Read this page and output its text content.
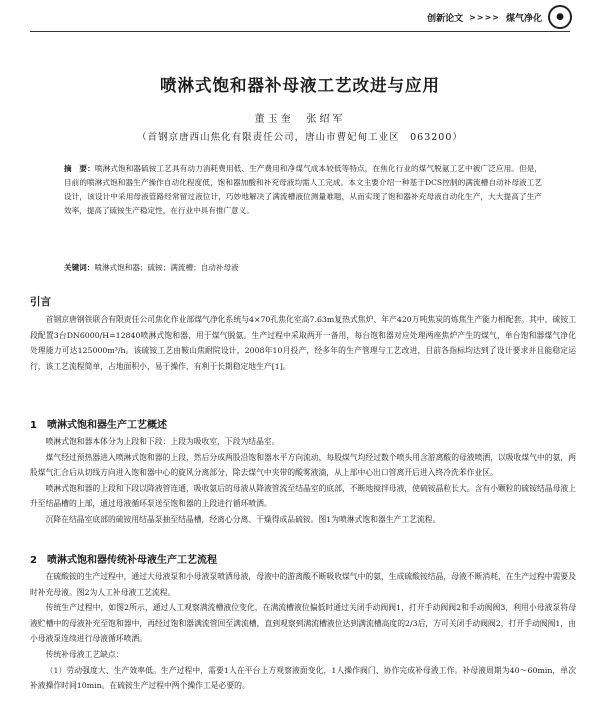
创新论文 >>>> 煤气净化 ●
喷淋式饱和器补母液工艺改进与应用
董玉奎　张绍军
（首钢京唐西山焦化有限责任公司，唐山市曹妃甸工业区　063200）
摘　要：喷淋式饱和器硫铵工艺具有动力消耗费用低、生产费用和净煤气成本较低等特点，在焦化行业的煤气脱氨工艺中被广泛应用。但是，目前的喷淋式饱和器生产操作自动化程度低，饱和器加酸和补充母液均需人工完成。本文主要介绍一种基于DCS控制的满流槽自动补母液工艺设计，该设计中采用母液管路经常留过液位计，巧妙地解决了满流槽液位测量难题，从而实现了饱和器补充母液自动化生产，大大提高了生产效率，提高了硫铵生产稳定性，在行业中具有推广意义。
关键词：喷淋式饱和器；硫铵；满流槽；自动补母液
引言

首钢京唐钢铁联合有限责任公司焦化作业部煤气净化系统与4×70孔焦化室高7.63m复热式焦炉、年产420万吨焦炭的炼焦生产能力相配套。其中，硫铵工段配置3台DN6000/H=12840喷淋式饱和器，用于煤气脱氨。生产过程中采取两开一备用，每台饱和器对应处理两座焦炉产生的煤气，单台饱和器煤气净化处理能力可达125000m³/h。该硫铵工艺由鞍山焦耐院设计，2008年10月投产，经多年的生产管理与工艺改进，目前各指标均达到了设计要求并且能稳定运行，该工艺流程简单，占地面积小，易于操作，有利于长期稳定地生产[1]。

1　喷淋式饱和器生产工艺概述

喷淋式饱和器本体分为上段和下段：上段为吸收室，下段为结晶室。

煤气经过预热器进入喷淋式饱和器的上段，然后分成两股沿饱和器水平方向流动，每股煤气均经过数个喷头用含游离酸的母液喷洒，以吸收煤气中的氨，两股煤气汇合后从切线方向进入饱和器中心的旋风分离部分，除去煤气中夹带的酸雾液滴，从上部中心出口管离开后进入终冷洗苯作业区。

喷淋式饱和器的上段和下段以降液管连通，吸收氨后的母液从降液管流至结晶室的底部，不断地搅拌母液，使硫铵晶粒长大。含有小颗粒的硫铵结晶母液上升至结晶槽的上部，通过母液循环泵送至饱和器的上段进行循环喷洒。

沉降在结晶室底部的硫铵用结晶泵抽至结晶槽，经离心分离、干燥得成品硫铵。图1为喷淋式饱和器生产工艺流程。

2　喷淋式饱和器传统补母液生产工艺流程

在硫酸铵的生产过程中，通过大母液泵和小母液泵喷洒母液，母液中的游离酸不断吸收煤气中的氨，生成硫酸铵结晶，母液不断消耗，在生产过程中需要及时补充母液。图2为人工补母液工艺流程。

传统生产过程中，如图2所示，通过人工观察满流槽液位变化，在满流槽液位偏低时通过关闭手动阀阀1，打开手动阀阀2和手动阀阀3，利用小母液泵将母液贮槽中的母液补充至饱和器中，再经过饱和器满流管回至满流槽，直到观察到满流槽液位达到满流槽高度的2/3后，方可关闭手动阀阀2，打开手动阀阀1，由小母液泵连续进行母液循环喷洒。

传统补母液工艺缺点：

（1）劳动强度大、生产效率低。生产过程中，需要1人在平台上方观察液面变化，1人操作阀门、协作完成补母液工作。补母液周期为40～60min，单次补液操作时间10min。在硫铵生产过程中两个操作工是必要的。
